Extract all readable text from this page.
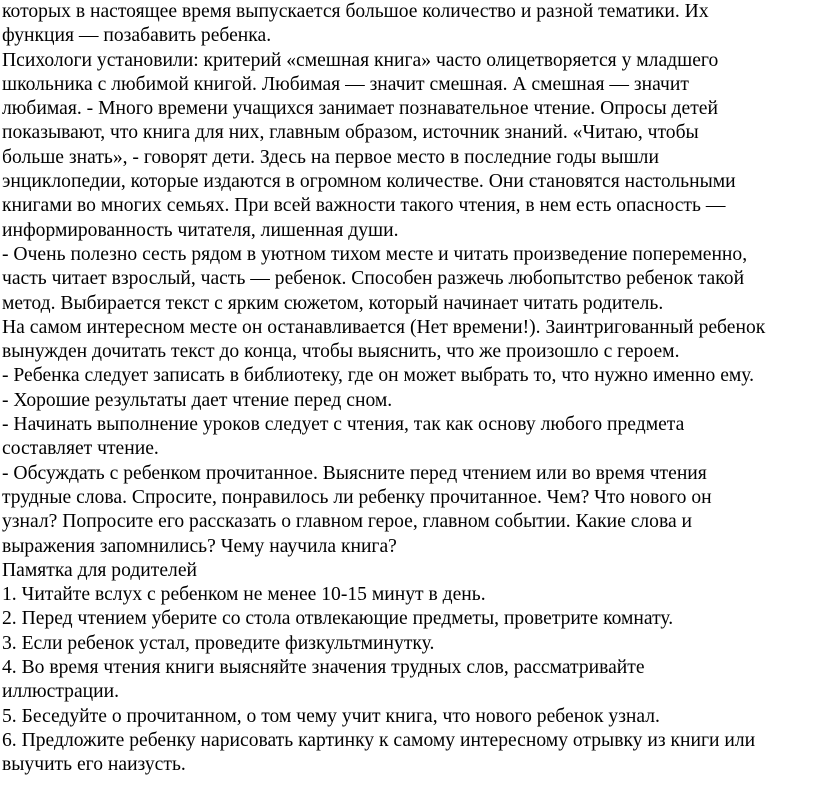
которых в настоящее время выпускается большое количество и разной тематики. Их
функция — позабавить ребенка.
Психологи установили: критерий «смешная книга» часто олицетворяется у младшего
школьника с любимой книгой. Любимая — значит смешная. А смешная — значит
любимая. - Много времени учащихся занимает познавательное чтение. Опросы детей
показывают, что книга для них, главным образом, источник знаний. «Читаю, чтобы
больше знать», - говорят дети. Здесь на первое место в последние годы вышли
энциклопедии, которые издаются в огромном количестве. Они становятся настольными
книгами во многих семьях. При всей важности такого чтения, в нем есть опасность —
информированность читателя, лишенная души.
- Очень полезно сесть рядом в уютном тихом месте и читать произведение попеременно,
часть читает взрослый, часть — ребенок. Способен разжечь любопытство ребенок такой
метод. Выбирается текст с ярким сюжетом, который начинает читать родитель.
На самом интересном месте он останавливается (Нет времени!). Заинтригованный ребенок
вынужден дочитать текст до конца, чтобы выяснить, что же произошло с героем.
- Ребенка следует записать в библиотеку, где он может выбрать то, что нужно именно ему.
- Хорошие результаты дает чтение перед сном.
- Начинать выполнение уроков следует с чтения, так как основу любого предмета
составляет чтение.
- Обсуждать с ребенком прочитанное. Выясните перед чтением или во время чтения
трудные слова. Спросите, понравилось ли ребенку прочитанное. Чем? Что нового он
узнал? Попросите его рассказать о главном герое, главном событии. Какие слова и
выражения запомнились? Чему научила книга?
Памятка для родителей
1. Читайте вслух с ребенком не менее 10-15 минут в день.
2. Перед чтением уберите со стола отвлекающие предметы, проветрите комнату.
3. Если ребенок устал, проведите физкультминутку.
4. Во время чтения книги выясняйте значения трудных слов, рассматривайте
иллюстрации.
5. Беседуйте о прочитанном, о том чему учит книга, что нового ребенок узнал.
6. Предложите ребенку нарисовать картинку к самому интересному отрывку из книги или
выучить его наизусть.
